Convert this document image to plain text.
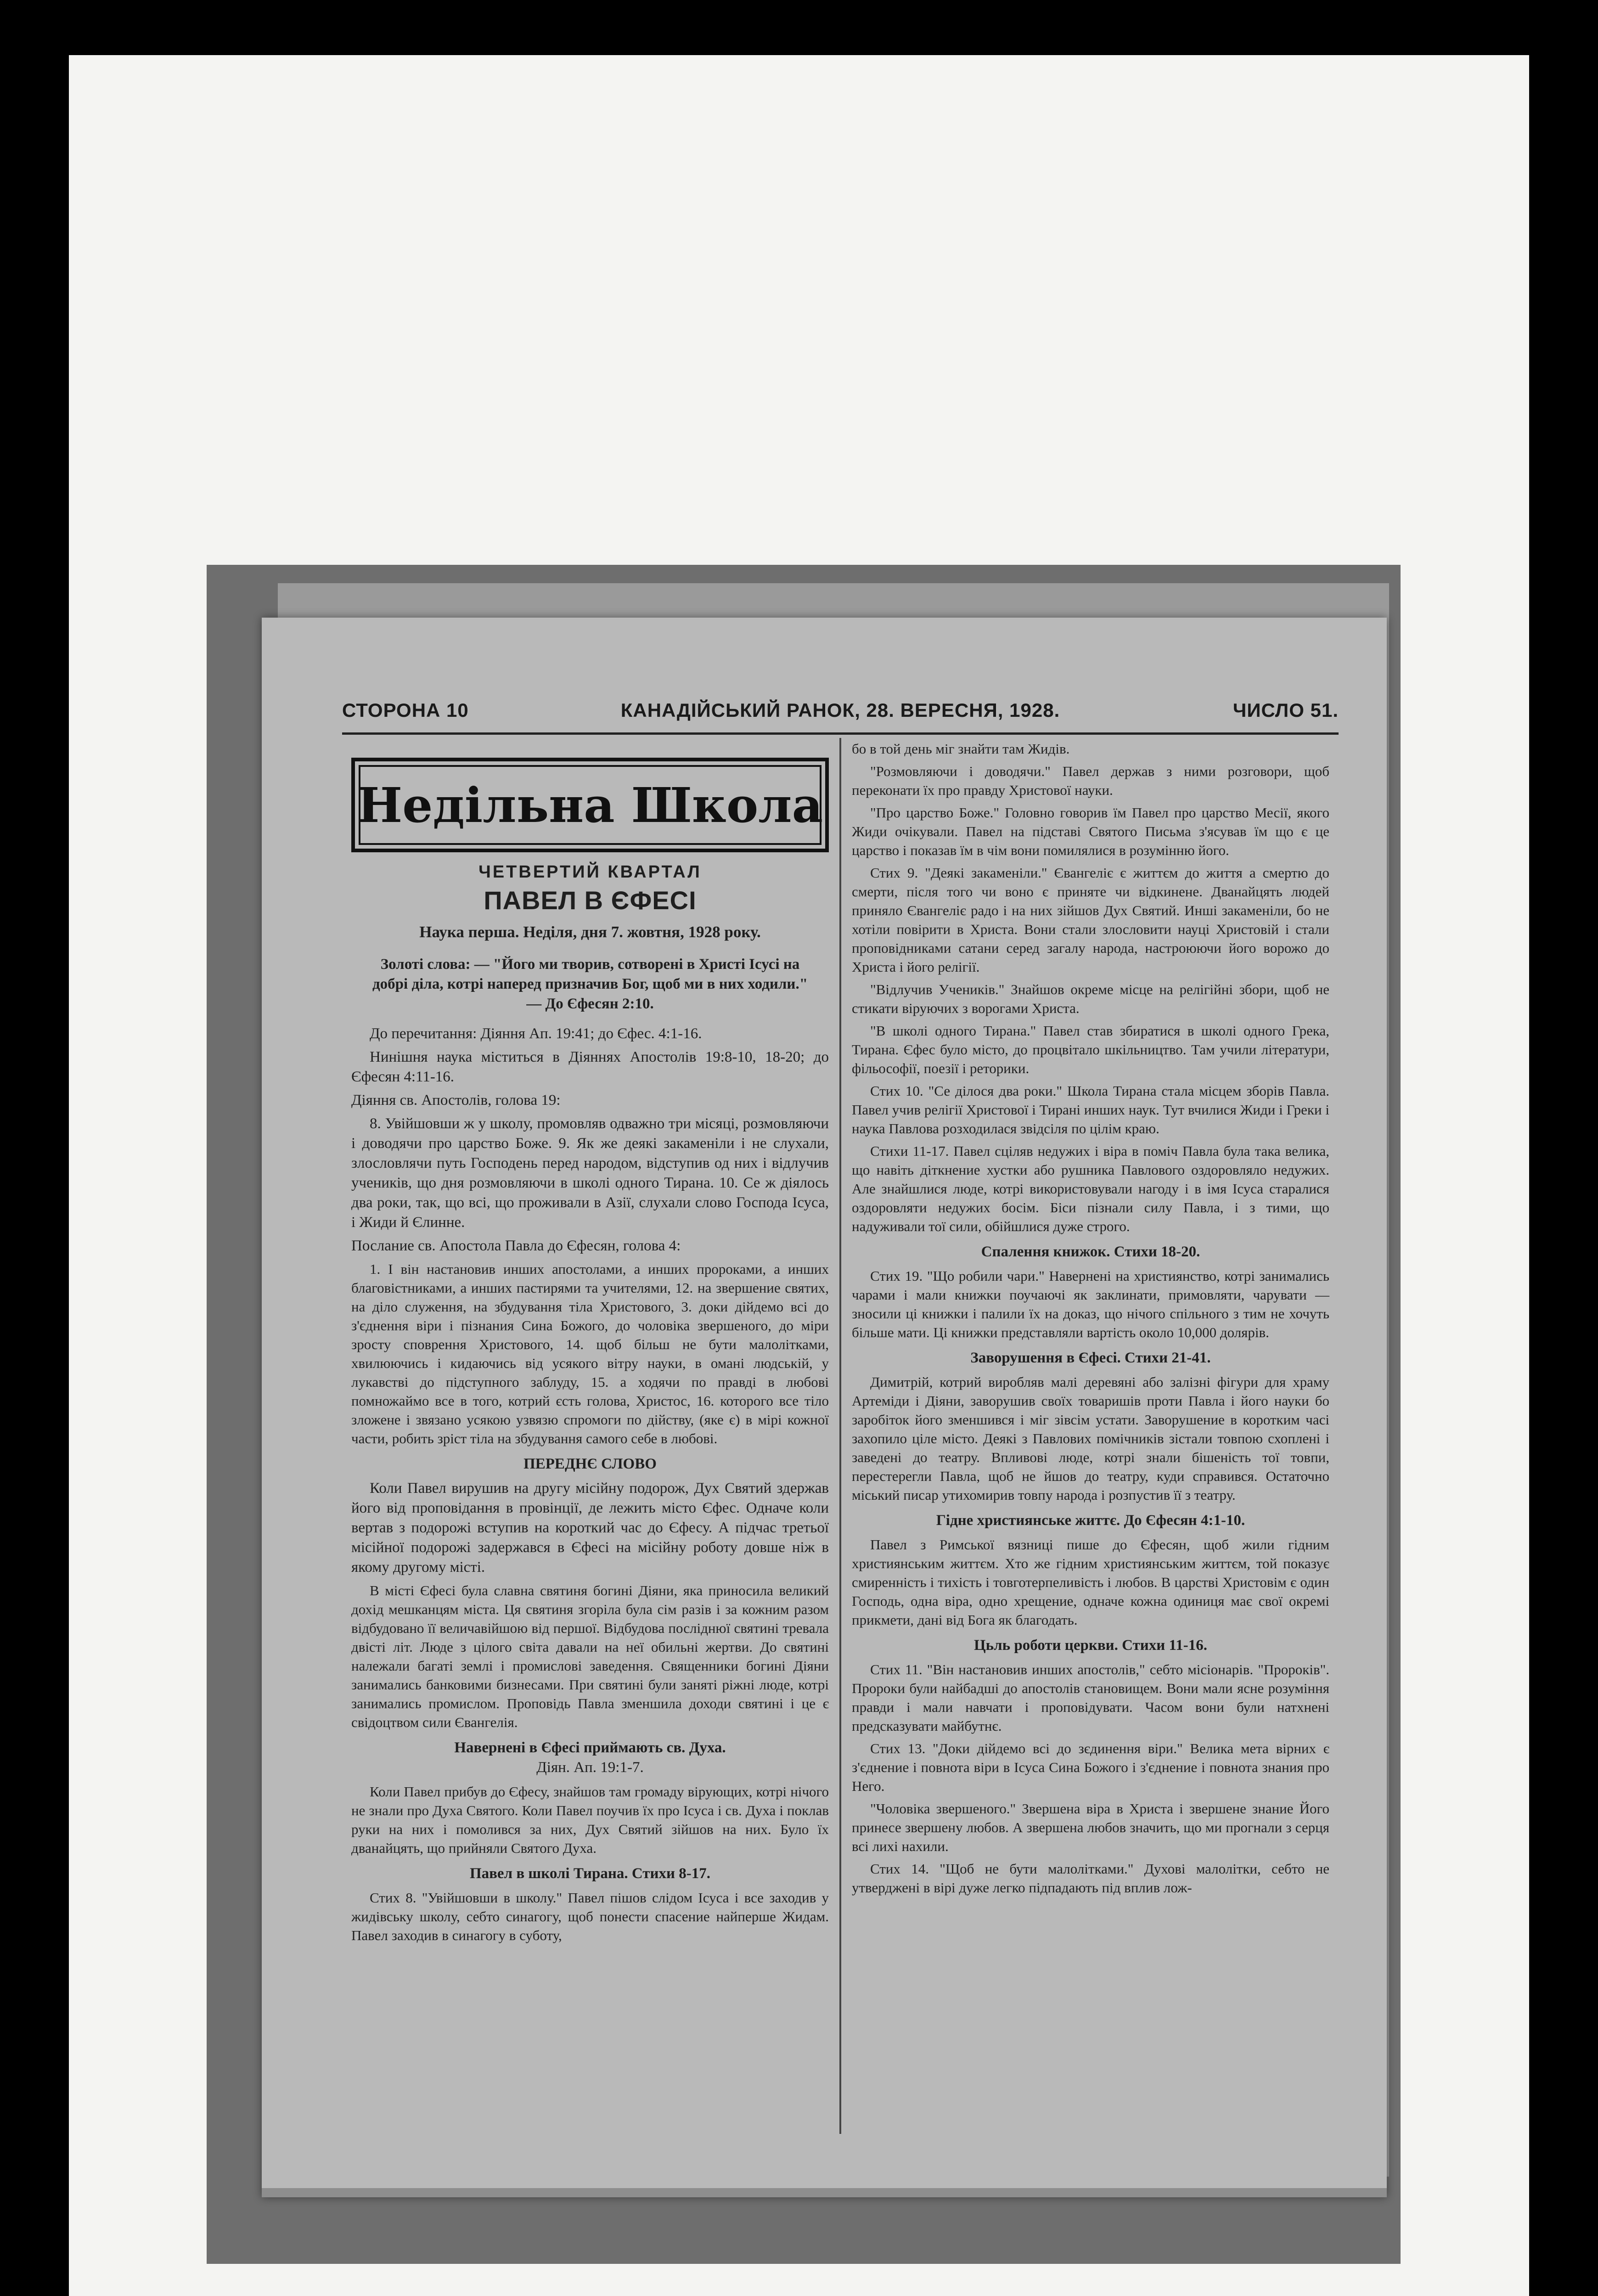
СТОРОНА 10	КАНАДІЙСЬКИЙ РАНОК, 28. ВЕРЕСНЯ, 1928.	ЧИСЛО 51.
Недільна Школа
ЧЕТВЕРТИЙ КВАРТАЛ
ПАВЕЛ В ЄФЕСІ
Наука перша. Неділя, дня 7. жовтня, 1928 року.
Золоті слова: — "Його ми творив, сотворені в Христі Ісусі на добрі діла, котрі наперед призначив Бог, щоб ми в них ходили." — До Єфесян 2:10.

До перечитання: Діяння Ап. 19:41; до Єфес. 4:1-16.

Нинішня наука міститься в Діяннях Апостолів 19:8-10, 18-20; до Єфесян 4:11-16.

Діяння св. Апостолів, голова 19:

8. Увійшовши ж у школу, промовляв одважно три місяці, розмовляючи і доводячи про царство Боже. 9. Як же деякі закаменіли і не слухали, злословлячи путь Господень перед народом, відступив од них і відлучив учеників, що дня розмовляючи в школі одного Тирана. 10. Се ж діялось два роки, так, що всі, що проживали в Азії, слухали слово Господа Ісуса, і Жиди й Єлинне.

Послание св. Апостола Павла до Єфесян, голова 4:

1. І він настановив инших апостолами, а инших пророками, а инших благовістниками, а инших пастирями та учителями, 12. на звершение святих, на діло служення, на збудування тіла Христового, 3. доки дійдемо всі до з'єднення віри і пізнания Сина Божого, до чоловіка звершеного, до міри зросту споврення Христового, 14. щоб більш не бути малолітками, хвилюючись і кидаючись від усякого вітру науки, в омані людській, у лукавстві до підступного заблуду, 15. а ходячи по правді в любові помножаймо все в того, котрий єсть голова, Христос, 16. которого все тіло зложене і звязано усякою узвязю спромоги по дійству, (яке є) в мірі кожної части, робить зріст тіла на збудування самого себе в любові.

ПЕРЕДНЄ СЛОВО

Коли Павел вирушив на другу місійну подорож, Дух Святий здержав його від проповідання в провінції, де лежить місто Єфес. Одначе коли вертав з подорожі вступив на короткий час до Єфесу. А підчас третьої місійної подорожі задержався в Єфесі на місійну роботу довше ніж в якому другому місті.

В місті Єфесі була славна святиня богині Діяни, яка приносила великий дохід мешканцям міста. Ця святиня згоріла була сім разів і за кожним разом відбудовано її величавійшою від першої. Відбудова посліднюї святині тревала двісті літ. Люде з цілого світа давали на неї обильні жертви. До святині належали багаті землі і промислові заведення. Священники богині Діяни занимались банковими бизнесами. При святині були заняті ріжні люде, котрі занимались промислом. Проповідь Павла зменшила доходи святині і це є свідоцтвом сили Євангелія.

Навернені в Єфесі приймають св. Духа.
Діян. Ап. 19:1-7.

Коли Павел прибув до Єфесу, знайшов там громаду вірующих, котрі нічого не знали про Духа Святого. Коли Павел поучив їх про Ісуса і св. Духа і поклав руки на них і помолився за них, Дух Святий зійшов на них. Було їх дванайцять, що прийняли Святого Духа.

Павел в школі Тирана. Стихи 8-17.

Стих 8. "Увійшовши в школу." Павел пішов слідом Ісуса і все заходив у жидівську школу, себто синагогу, щоб понести спасение найперше Жидам. Павел заходив в синагогу в суботу,

бо в той день міг знайти там Жидів.

"Розмовляючи і доводячи." Павел держав з ними розговори, щоб переконати їх про правду Христової науки.

"Про царство Боже." Головно говорив їм Павел про царство Месії, якого Жиди очікували. Павел на підставі Святого Письма з'ясував їм що є це царство і показав їм в чім вони помилялися в розумінню його.

Стих 9. "Деякі закаменіли." Євангеліє є життєм до життя а смертю до смерти, після того чи воно є приняте чи відкинене. Дванайцять людей приняло Євангеліє радо і на них зійшов Дух Святий. Инші закаменіли, бо не хотіли повірити в Христа. Вони стали злословити науці Христовій і стали проповідниками сатани серед загалу народа, настроюючи його ворожо до Христа і його релігії.

"Відлучив Учеників." Знайшов окреме місце на релігійні збори, щоб не стикати віруючих з ворогами Христа.

"В школі одного Тирана." Павел став збиратися в школі одного Грека, Тирана. Єфес було місто, до процвітало шкільництво. Там учили літератури, фільософії, поезії і реторики.

Стих 10. "Се ділося два роки." Школа Тирана стала місцем зборів Павла. Павел учив релігії Христової і Тирані инших наук. Тут вчилися Жиди і Греки і наука Павлова розходилася звідсіля по цілім краю.

Стихи 11-17. Павел сціляв недужих і віра в поміч Павла була така велика, що навіть діткнение хустки або рушника Павлового оздоровляло недужих. Але знайшлися люде, котрі використовували нагоду і в імя Ісуса старалися оздоровляти недужих босім. Біси пізнали силу Павла, і з тими, що надуживали тої сили, обійшлися дуже строго.

Спалення книжок. Стихи 18-20.

Стих 19. "Що робили чари." Навернені на християнство, котрі занимались чарами і мали книжки поучаючі як заклинати, примовляти, чарувати — зносили ці книжки і палили їх на доказ, що нічого спільного з тим не хочуть більше мати. Ці книжки представляли вартість около 10,000 долярів.

Заворушення в Єфесі. Стихи 21-41.

Димитрій, котрий виробляв малі деревяні або залізні фігури для храму Артеміди і Діяни, заворушив своїх товаришів проти Павла і його науки бо заробіток його зменшився і міг зівсім устати. Заворушение в коротким часі захопило ціле місто. Деякі з Павлових помічників зістали товпою схоплені і заведені до театру. Впливові люде, котрі знали бішеність тої товпи, перестерегли Павла, щоб не йшов до театру, куди справився. Остаточно міський писар утихомирив товпу народа і розпустив її з театру.

Гідне християнське життє. До Єфесян 4:1-10.

Павел з Римської вязниці пише до Єфесян, щоб жили гідним християнським життєм. Хто же гідним християнським життєм, той показує смиренність і тихість і товготерпеливість і любов. В царстві Христовім є один Господь, одна віра, одно хрещение, одначе кожна одиниця має свої окремі прикмети, дані від Бога як благодать.

Цьль роботи церкви. Стихи 11-16.

Стих 11. "Він настановив инших апостолів," себто місіонарів. "Пророків". Пророки були найбадші до апостолів становищем. Вони мали ясне розуміння правди і мали навчати і проповідувати. Часом вони були натхнені предсказувати майбутнє.

Стих 13. "Доки дійдемо всі до зєдинення віри." Велика мета вірних є з'єднение і повнота віри в Ісуса Сина Божого і з'єднение і повнота знания про Него.

"Чоловіка звершеного." Звершена віра в Христа і звершене знание Його принесе звершену любов. А звершена любов значить, що ми прогнали з серця всі лихі нахили.

Стих 14. "Щоб не бути малолітками." Духові малолітки, себто не утверджені в вірі дуже легко підпадають під вплив лож-
